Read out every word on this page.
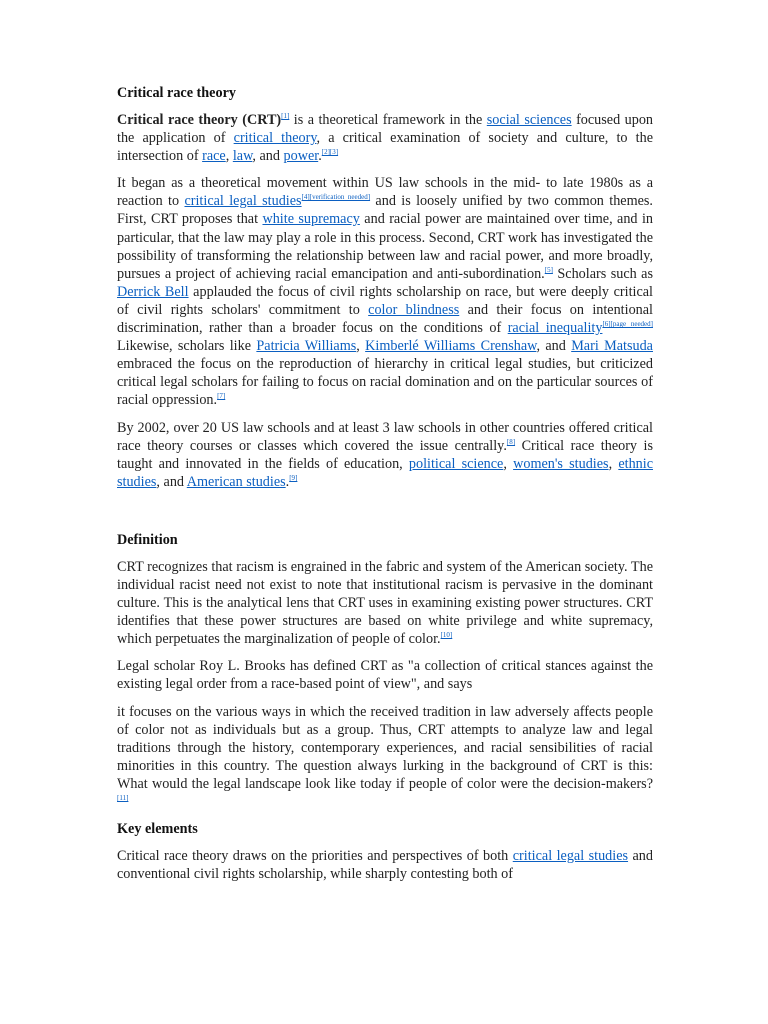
Critical race theory

Critical race theory (CRT)[1] is a theoretical framework in the social sciences focused upon the application of critical theory, a critical examination of society and culture, to the intersection of race, law, and power.[2][3]

It began as a theoretical movement within US law schools in the mid- to late 1980s as a reaction to critical legal studies[4][verification needed] and is loosely unified by two common themes. First, CRT proposes that white supremacy and racial power are maintained over time, and in particular, that the law may play a role in this process. Second, CRT work has investigated the possibility of transforming the relationship between law and racial power, and more broadly, pursues a project of achieving racial emancipation and anti-subordination.[5] Scholars such as Derrick Bell applauded the focus of civil rights scholarship on race, but were deeply critical of civil rights scholars' commitment to color blindness and their focus on intentional discrimination, rather than a broader focus on the conditions of racial inequality[6][page needed] Likewise, scholars like Patricia Williams, Kimberlé Williams Crenshaw, and Mari Matsuda embraced the focus on the reproduction of hierarchy in critical legal studies, but criticized critical legal scholars for failing to focus on racial domination and on the particular sources of racial oppression.[7]

By 2002, over 20 US law schools and at least 3 law schools in other countries offered critical race theory courses or classes which covered the issue centrally.[8] Critical race theory is taught and innovated in the fields of education, political science, women's studies, ethnic studies, and American studies.[9]

Definition

CRT recognizes that racism is engrained in the fabric and system of the American society. The individual racist need not exist to note that institutional racism is pervasive in the dominant culture. This is the analytical lens that CRT uses in examining existing power structures. CRT identifies that these power structures are based on white privilege and white supremacy, which perpetuates the marginalization of people of color.[10]

Legal scholar Roy L. Brooks has defined CRT as "a collection of critical stances against the existing legal order from a race-based point of view", and says

it focuses on the various ways in which the received tradition in law adversely affects people of color not as individuals but as a group. Thus, CRT attempts to analyze law and legal traditions through the history, contemporary experiences, and racial sensibilities of racial minorities in this country. The question always lurking in the background of CRT is this: What would the legal landscape look like today if people of color were the decision-makers?[11]

Key elements

Critical race theory draws on the priorities and perspectives of both critical legal studies and conventional civil rights scholarship, while sharply contesting both of
